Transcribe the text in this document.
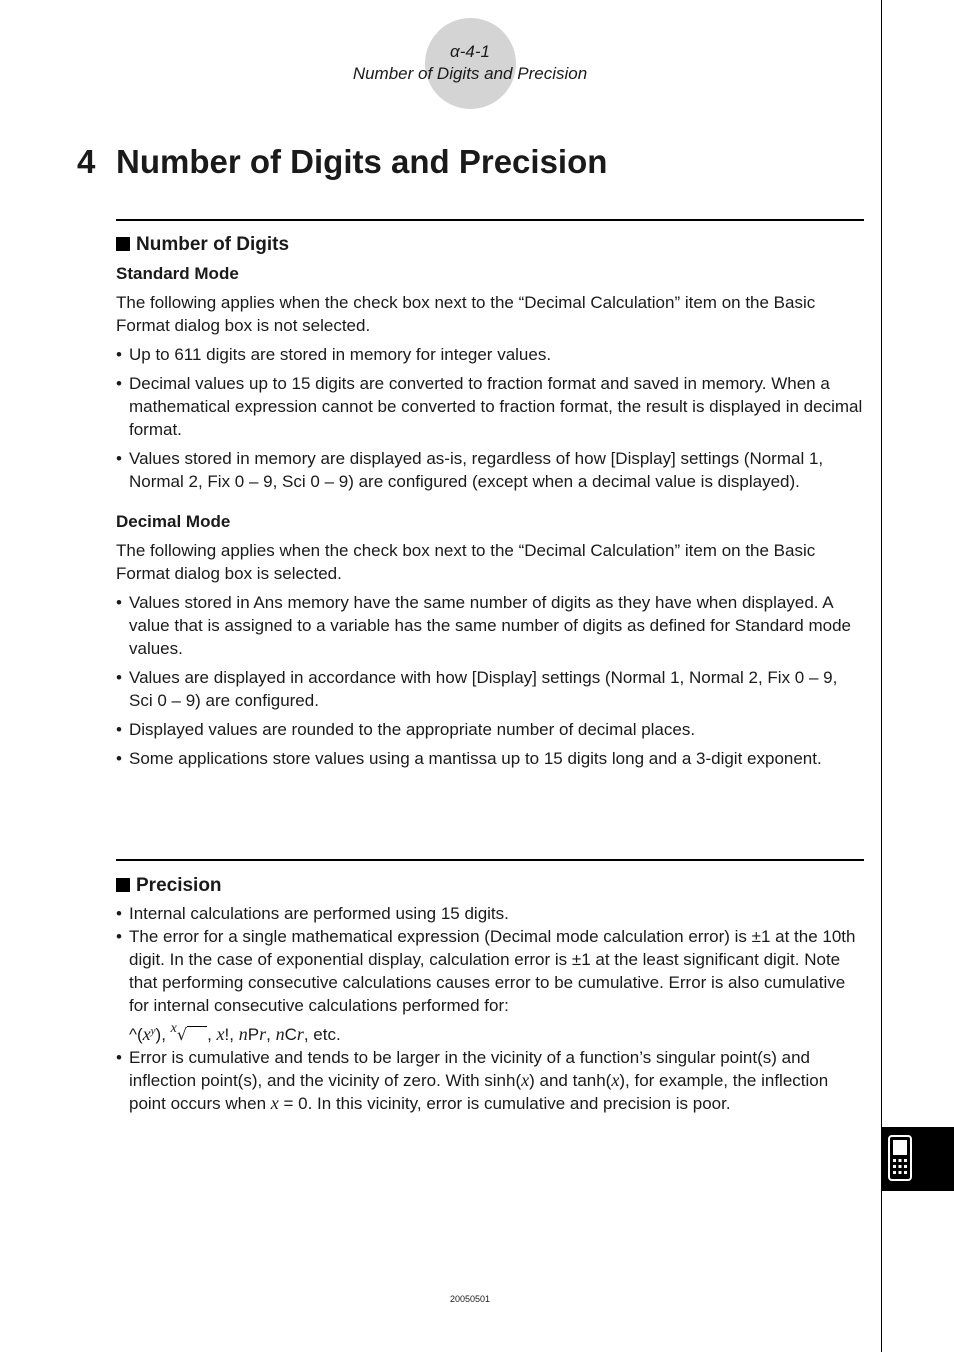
α-4-1
Number of Digits and Precision
4 Number of Digits and Precision
Number of Digits
Standard Mode

The following applies when the check box next to the “Decimal Calculation” item on the Basic Format dialog box is not selected.

• Up to 611 digits are stored in memory for integer values.
• Decimal values up to 15 digits are converted to fraction format and saved in memory. When a mathematical expression cannot be converted to fraction format, the result is displayed in decimal format.
• Values stored in memory are displayed as-is, regardless of how [Display] settings (Normal 1, Normal 2, Fix 0 – 9, Sci 0 – 9) are configured (except when a decimal value is displayed).
Decimal Mode

The following applies when the check box next to the “Decimal Calculation” item on the Basic Format dialog box is selected.

• Values stored in Ans memory have the same number of digits as they have when displayed. A value that is assigned to a variable has the same number of digits as defined for Standard mode values.
• Values are displayed in accordance with how [Display] settings (Normal 1, Normal 2, Fix 0 – 9, Sci 0 – 9) are configured.
• Displayed values are rounded to the appropriate number of decimal places.
• Some applications store values using a mantissa up to 15 digits long and a 3-digit exponent.
Precision
• Internal calculations are performed using 15 digits.
• The error for a single mathematical expression (Decimal mode calculation error) is ±1 at the 10th digit. In the case of exponential display, calculation error is ±1 at the least significant digit. Note that performing consecutive calculations causes error to be cumulative. Error is also cumulative for internal consecutive calculations performed for:
$\^{}(x^y)$, $^x$√ , x!, nPr, nCr, etc.
• Error is cumulative and tends to be larger in the vicinity of a function’s singular point(s) and inflection point(s), and the vicinity of zero. With sinh(x) and tanh(x), for example, the inflection point occurs when x = 0. In this vicinity, error is cumulative and precision is poor.
20050501
